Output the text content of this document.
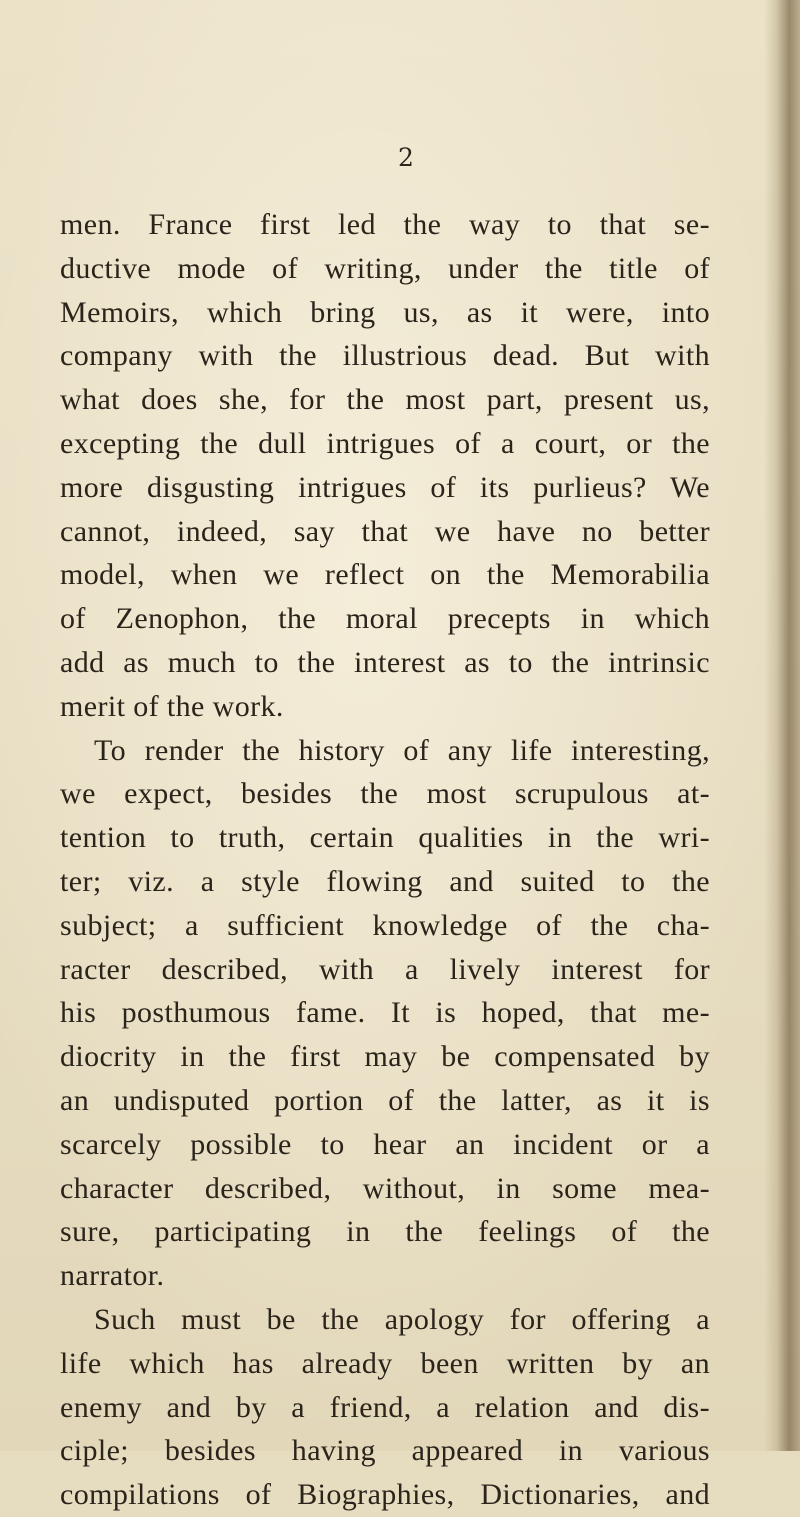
2
men. France first led the way to that se-
ductive mode of writing, under the title of
Memoirs, which bring us, as it were, into
company with the illustrious dead. But with
what does she, for the most part, present us,
excepting the dull intrigues of a court, or the
more disgusting intrigues of its purlieus? We
cannot, indeed, say that we have no better
model, when we reflect on the Memorabilia
of Zenophon, the moral precepts in which
add as much to the interest as to the intrinsic
merit of the work.
To render the history of any life interesting,
we expect, besides the most scrupulous at-
tention to truth, certain qualities in the wri-
ter; viz. a style flowing and suited to the
subject; a sufficient knowledge of the cha-
racter described, with a lively interest for
his posthumous fame. It is hoped, that me-
diocrity in the first may be compensated by
an undisputed portion of the latter, as it is
scarcely possible to hear an incident or a
character described, without, in some mea-
sure, participating in the feelings of the
narrator.
Such must be the apology for offering a
life which has already been written by an
enemy and by a friend, a relation and dis-
ciple; besides having appeared in various
compilations of Biographies, Dictionaries, and
